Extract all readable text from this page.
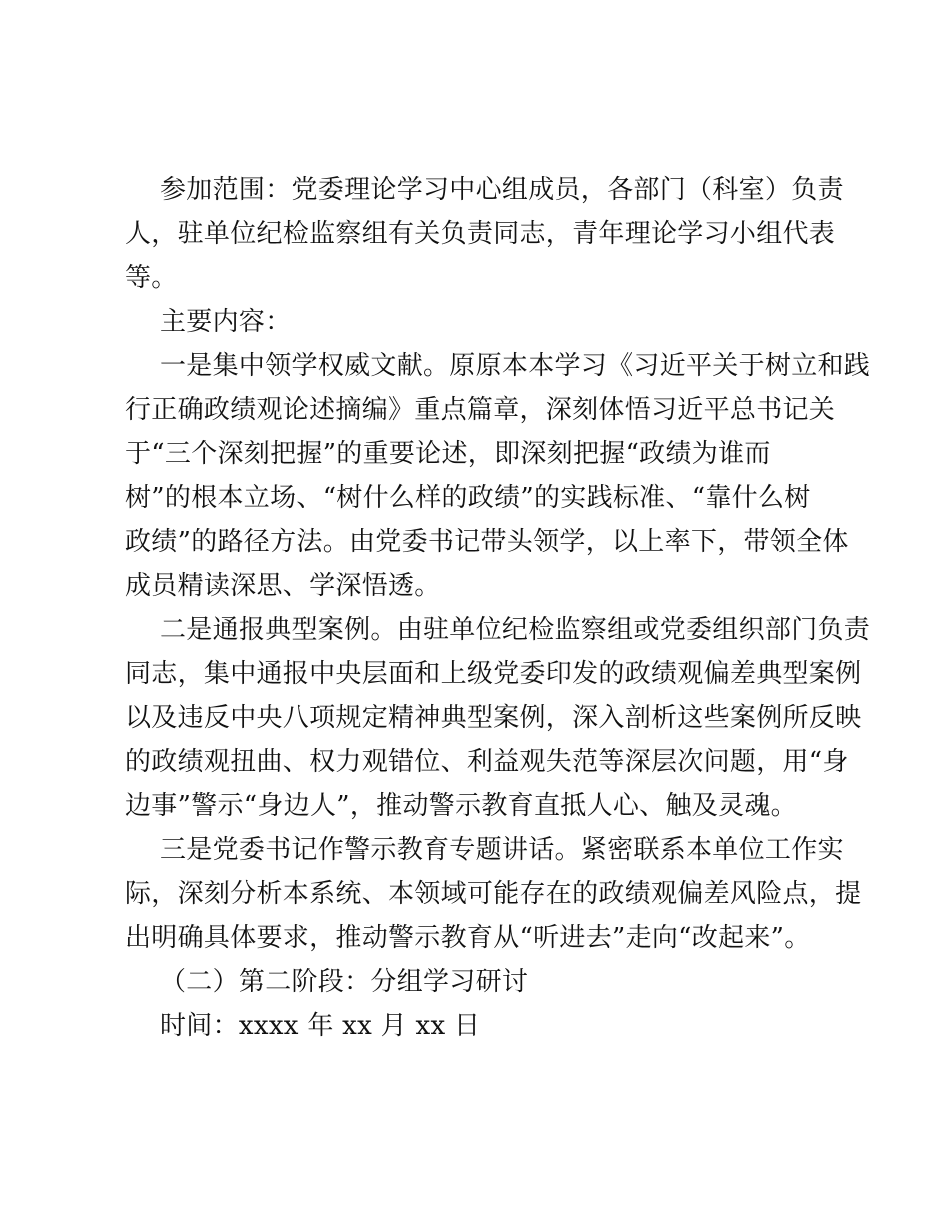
参加范围：党委理论学习中心组成员，各部门（科室）负责
人，驻单位纪检监察组有关负责同志，青年理论学习小组代表
等。
主要内容：
一是集中领学权威文献。原原本本学习《习近平关于树立和践
行正确政绩观论述摘编》重点篇章，深刻体悟习近平总书记关
于“三个深刻把握”的重要论述，即深刻把握“政绩为谁而
树”的根本立场、“树什么样的政绩”的实践标准、“靠什么树
政绩”的路径方法。由党委书记带头领学，以上率下，带领全体
成员精读深思、学深悟透。
二是通报典型案例。由驻单位纪检监察组或党委组织部门负责
同志，集中通报中央层面和上级党委印发的政绩观偏差典型案例
以及违反中央八项规定精神典型案例，深入剖析这些案例所反映
的政绩观扭曲、权力观错位、利益观失范等深层次问题，用“身
边事”警示“身边人”，推动警示教育直抵人心、触及灵魂。
三是党委书记作警示教育专题讲话。紧密联系本单位工作实
际，深刻分析本系统、本领域可能存在的政绩观偏差风险点，提
出明确具体要求，推动警示教育从“听进去”走向“改起来”。
（二）第二阶段：分组学习研讨
时间：xxxx 年 xx 月 xx 日
